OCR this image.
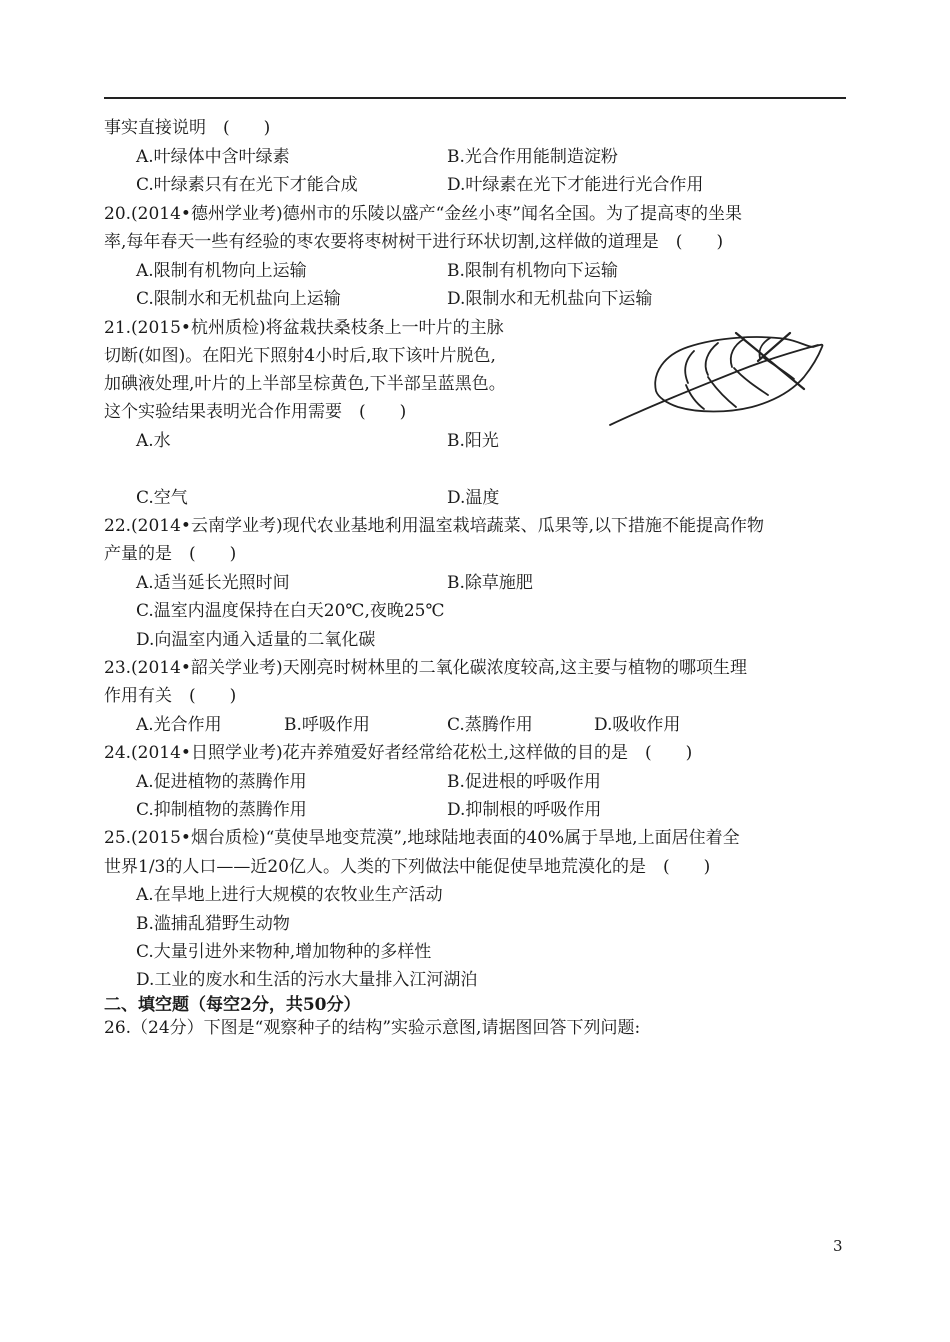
事实直接说明　(　　)
A.叶绿体中含叶绿素	B.光合作用能制造淀粉
C.叶绿素只有在光下才能合成	D.叶绿素在光下才能进行光合作用
20.(2014•德州学业考)德州市的乐陵以盛产“金丝小枣”闻名全国。为了提高枣的坐果
率,每年春天一些有经验的枣农要将枣树树干进行环状切割,这样做的道理是　(　　)
A.限制有机物向上运输	B.限制有机物向下运输
C.限制水和无机盐向上运输	D.限制水和无机盐向下运输
21.(2015•杭州质检)将盆栽扶桑枝条上一叶片的主脉
切断(如图)。在阳光下照射4小时后,取下该叶片脱色,
加碘液处理,叶片的上半部呈棕黄色,下半部呈蓝黑色。
这个实验结果表明光合作用需要　(　　)
A.水	B.阳光
C.空气	D.温度
22.(2014•云南学业考)现代农业基地利用温室栽培蔬菜、瓜果等,以下措施不能提高作物
产量的是　(　　)
A.适当延长光照时间	B.除草施肥
C.温室内温度保持在白天20℃,夜晚25℃
D.向温室内通入适量的二氧化碳
23.(2014•韶关学业考)天刚亮时树林里的二氧化碳浓度较高,这主要与植物的哪项生理
作用有关　(　　)
A.光合作用	B.呼吸作用	C.蒸腾作用	D.吸收作用
24.(2014•日照学业考)花卉养殖爱好者经常给花松土,这样做的目的是　(　　)
A.促进植物的蒸腾作用	B.促进根的呼吸作用
C.抑制植物的蒸腾作用	D.抑制根的呼吸作用
25.(2015•烟台质检)“莫使旱地变荒漠”,地球陆地表面的40%属于旱地,上面居住着全
世界1/3的人口——近20亿人。人类的下列做法中能促使旱地荒漠化的是　(　　)
A.在旱地上进行大规模的农牧业生产活动
B.滥捕乱猎野生动物
C.大量引进外来物种,增加物种的多样性
D.工业的废水和生活的污水大量排入江河湖泊
二、填空题（每空2分，共50分）
26.（24分）下图是“观察种子的结构”实验示意图,请据图回答下列问题:
3
